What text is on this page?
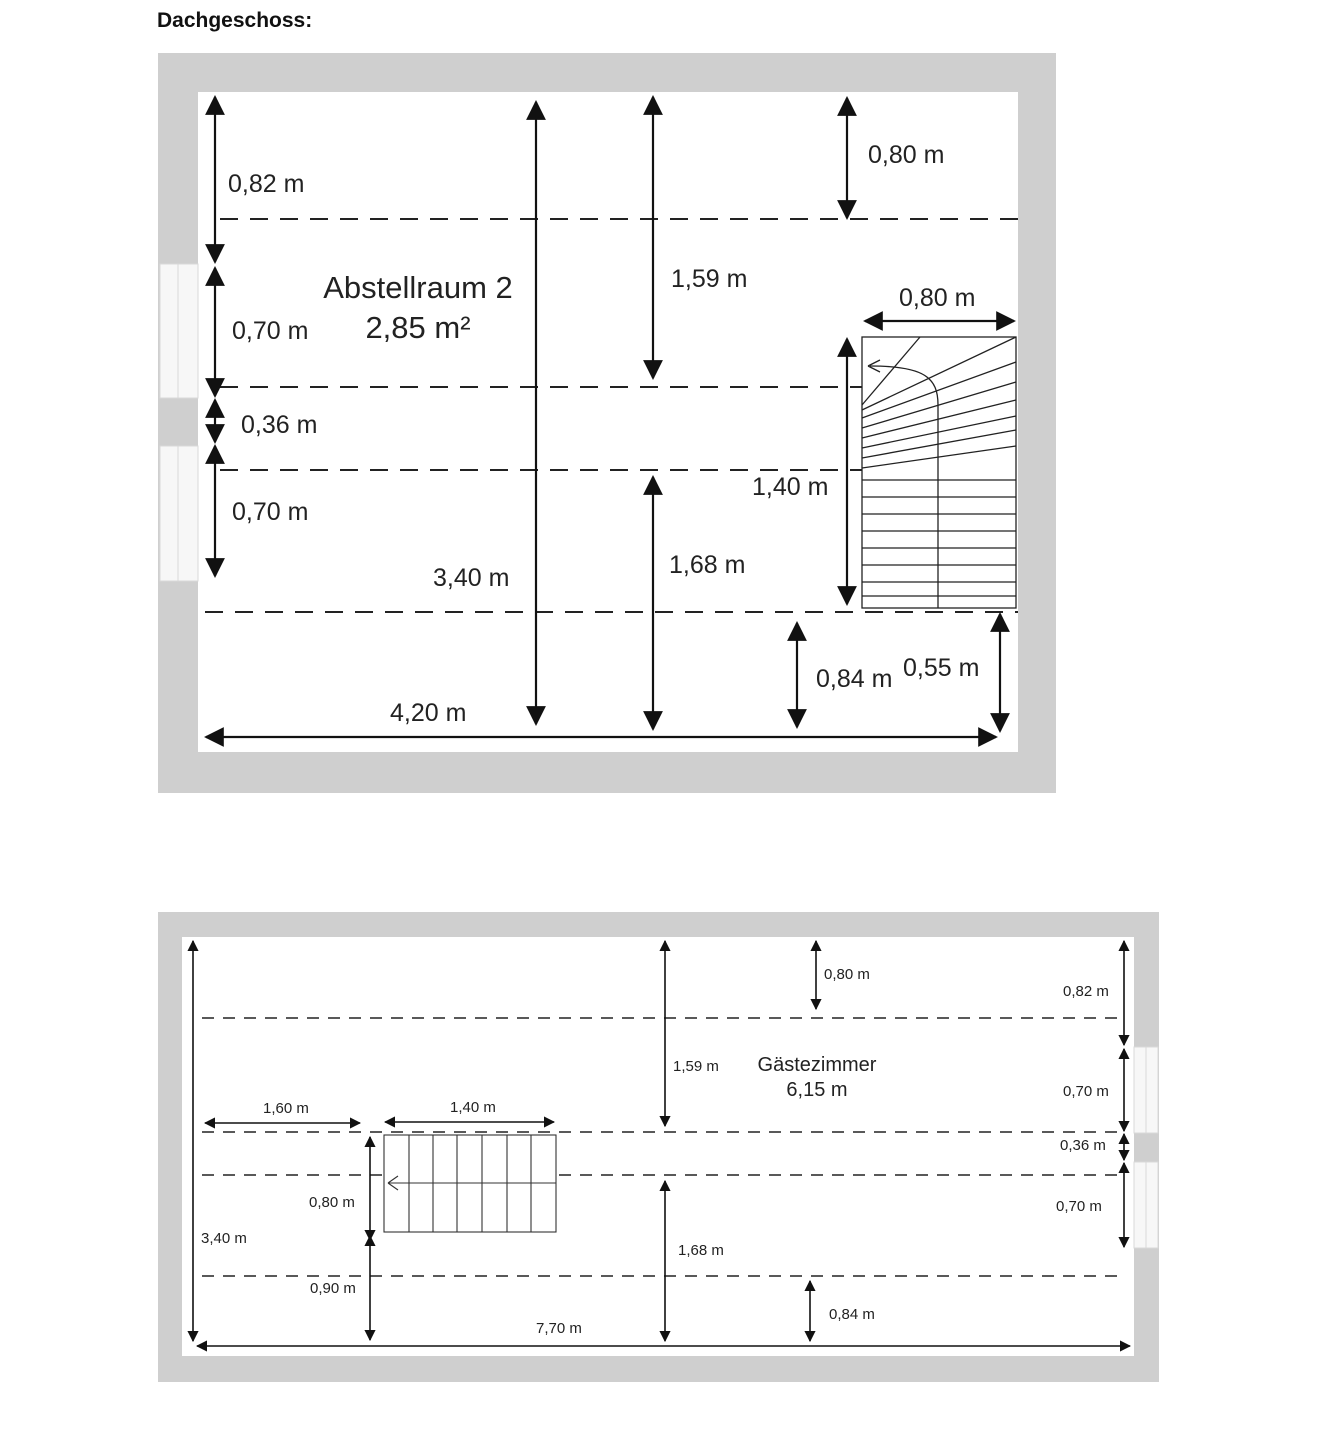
Dachgeschoss:
Abstellraum 2
2,85 m²
0,82 m
0,70 m
0,36 m
0,70 m
3,40 m
1,59 m
1,68 m
0,80 m
0,80 m
1,40 m
0,84 m 0,55 m
4,20 m
Gästezimmer
6,15 m
3,40 m
1,60 m	1,40 m
0,80 m
0,90 m
1,59 m
1,68 m
0,80 m
0,84 m
0,82 m
0,70 m
0,36 m
0,70 m
7,70 m
